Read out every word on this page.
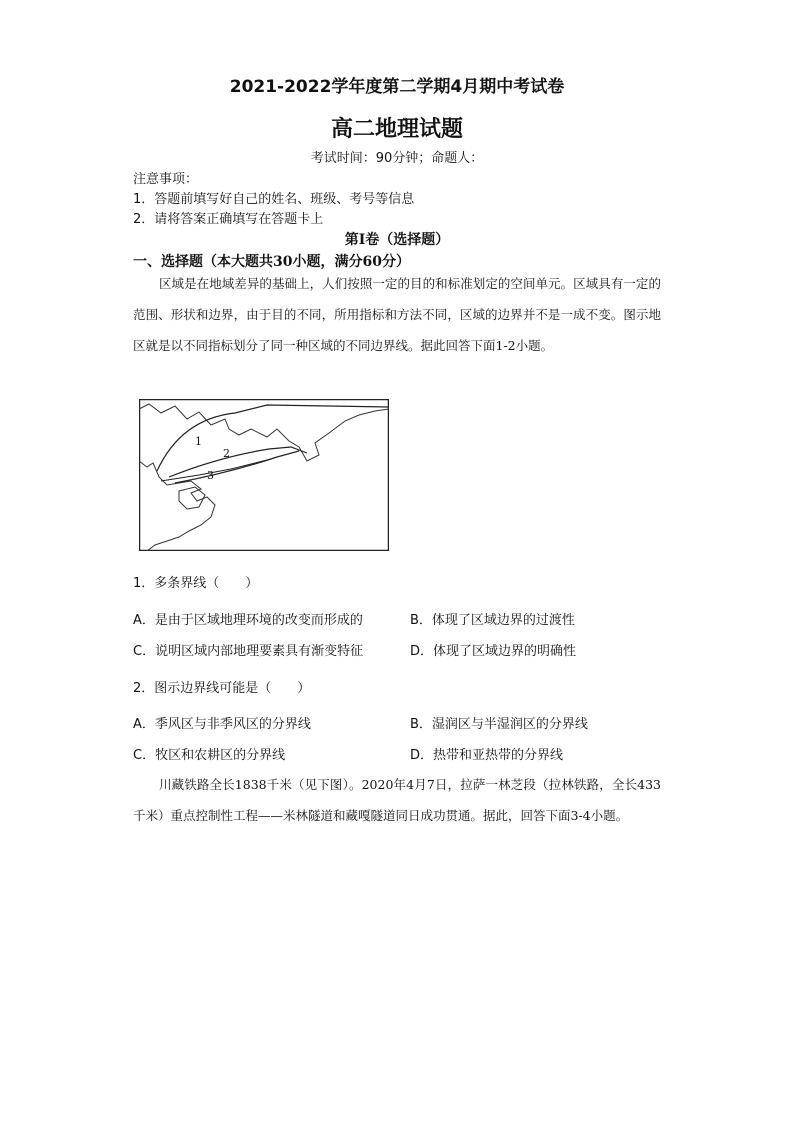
2021-2022学年度第二学期4月期中考试卷
高二地理试题
考试时间：90分钟；命题人：
注意事项：
1．答题前填写好自己的姓名、班级、考号等信息
2．请将答案正确填写在答题卡上
第I卷（选择题）
一、选择题（本大题共30小题，满分60分）
区域是在地域差异的基础上，人们按照一定的目的和标准划定的空间单元。区域具有一定的范围、形状和边界，由于目的不同，所用指标和方法不同，区域的边界并不是一成不变。图示地区就是以不同指标划分了同一种区域的不同边界线。据此回答下面1-2小题。
1
2
3
1．多条界线（　　）
A．是由于区域地理环境的改变而形成的	B．体现了区域边界的过渡性
C．说明区域内部地理要素具有渐变特征	D．体现了区域边界的明确性
2．图示边界线可能是（　　）
A．季风区与非季风区的分界线	B．湿润区与半湿润区的分界线
C．牧区和农耕区的分界线	D．热带和亚热带的分界线
川藏铁路全长1838千米（见下图）。2020年4月7日，拉萨一林芝段（拉林铁路，全长433千米）重点控制性工程——米林隧道和藏嘎隧道同日成功贯通。据此，回答下面3-4小题。
